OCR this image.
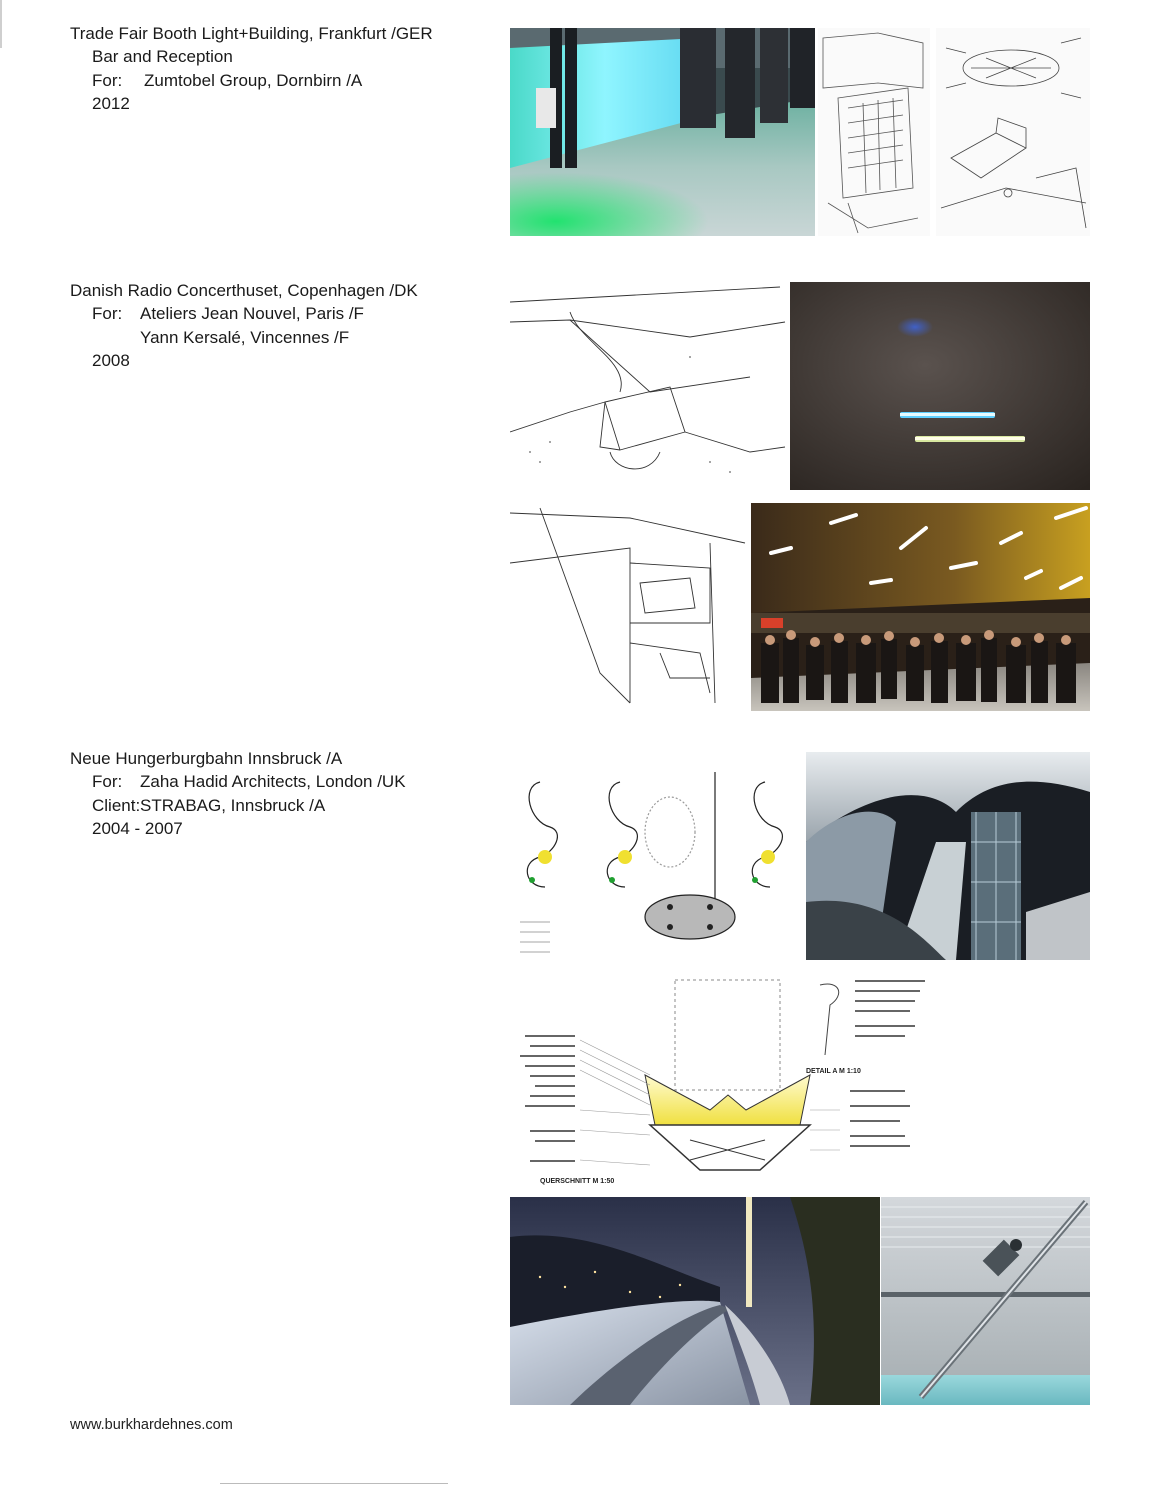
Trade Fair Booth Light+Building, Frankfurt /GER
Bar and Reception
For: Zumtobel Group, Dornbirn /A
2012
Danish Radio Concerthuset, Copenhagen /DK
For: Ateliers Jean Nouvel, Paris /F
Yann Kersalé, Vincennes /F
2008
Neue Hungerburgbahn Innsbruck /A
For: Zaha Hadid Architects, London /UK
Client: STRABAG, Innsbruck /A
2004 - 2007
DETAIL A M 1:10
QUERSCHNITT M 1:50
www.burkhardehnes.com
